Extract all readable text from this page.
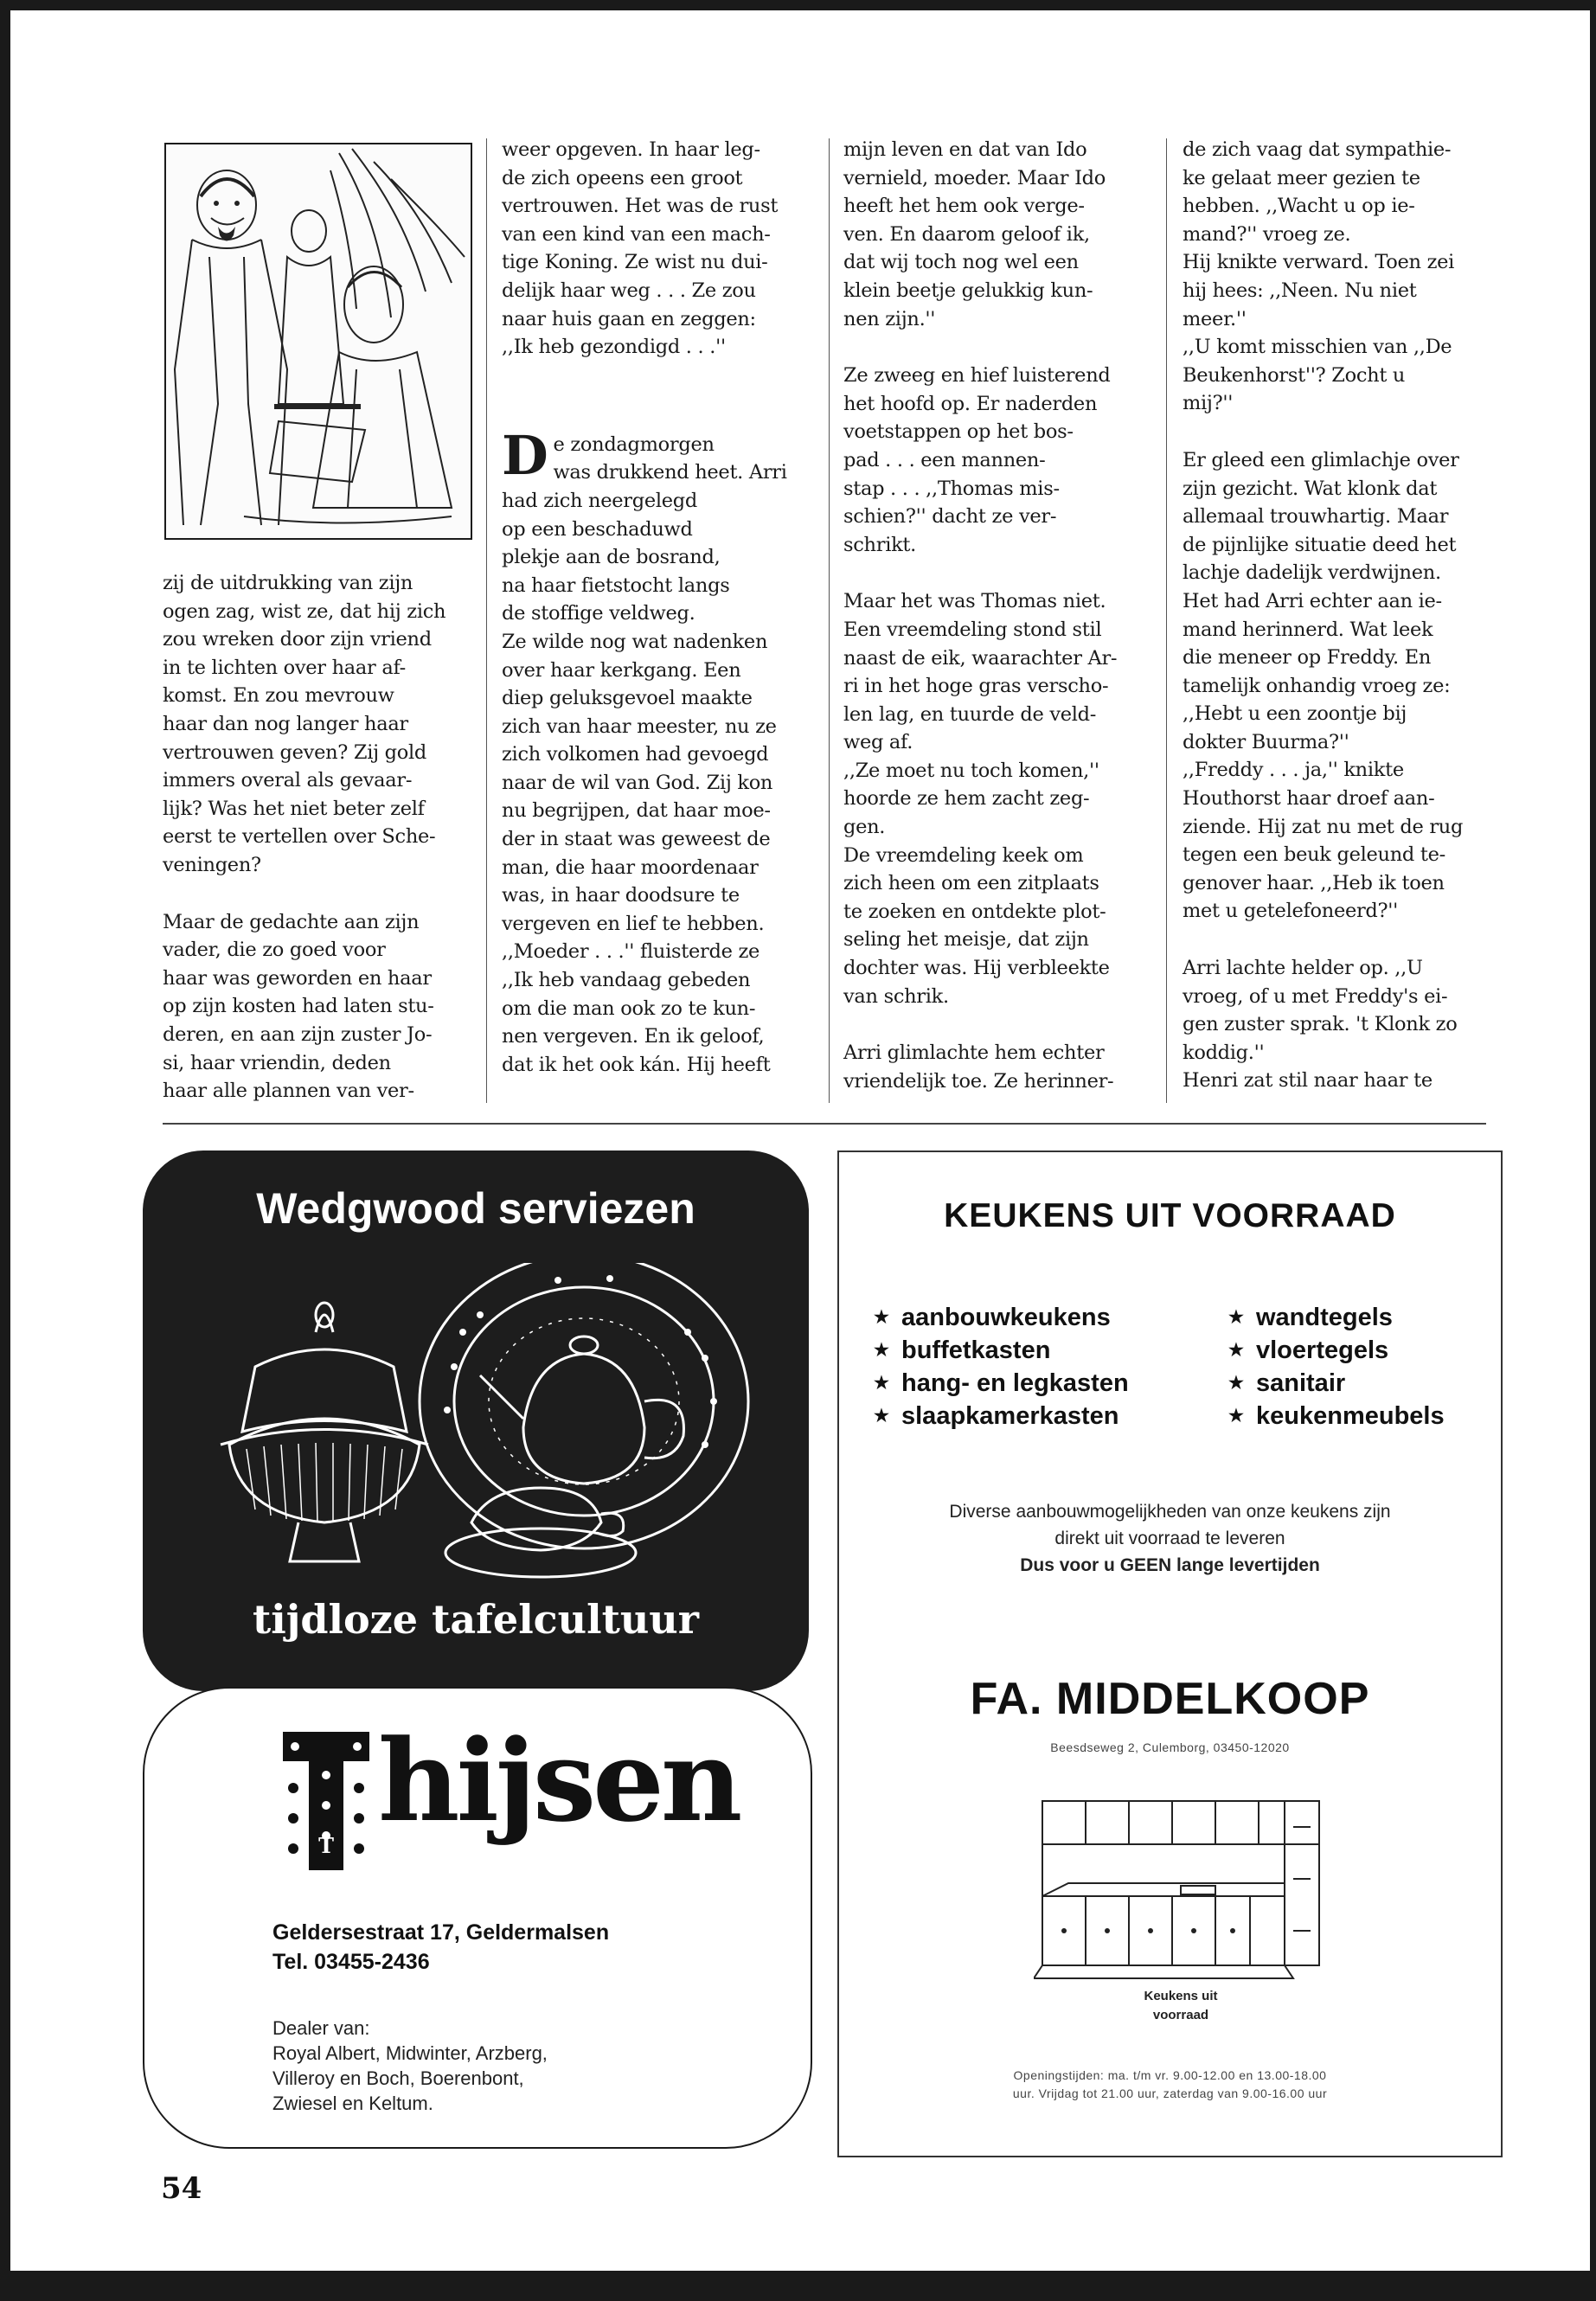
zij de uitdrukking van zijn

ogen zag, wist ze, dat hij zich

zou wreken door zijn vriend

in te lichten over haar af-

komst. En zou mevrouw

haar dan nog langer haar

vertrouwen geven? Zij gold

immers overal als gevaar-

lijk? Was het niet beter zelf

eerst te vertellen over Sche-

veningen?

Maar de gedachte aan zijn

vader, die zo goed voor

haar was geworden en haar

op zijn kosten had laten stu-

deren, en aan zijn zuster Jo-

si, haar vriendin, deden

haar alle plannen van ver-

weer opgeven. In haar leg-

de zich opeens een groot

vertrouwen. Het was de rust

van een kind van een mach-

tige Koning. Ze wist nu dui-

delijk haar weg . . . Ze zou

naar huis gaan en zeggen:

,,Ik heb gezondigd . . .''

D e zondagmorgen

was drukkend heet. Arri

had zich neergelegd

op een beschaduwd

plekje aan de bosrand,

na haar fietstocht langs

de stoffige veldweg.

Ze wilde nog wat nadenken

over haar kerkgang. Een

diep geluksgevoel maakte

zich van haar meester, nu ze

zich volkomen had gevoegd

naar de wil van God. Zij kon

nu begrijpen, dat haar moe-

der in staat was geweest de

man, die haar moordenaar

was, in haar doodsure te

vergeven en lief te hebben.

,,Moeder . . .'' fluisterde ze

,,Ik heb vandaag gebeden

om die man ook zo te kun-

nen vergeven. En ik geloof,

dat ik het ook kán. Hij heeft

mijn leven en dat van Ido

vernield, moeder. Maar Ido

heeft het hem ook verge-

ven. En daarom geloof ik,

dat wij toch nog wel een

klein beetje gelukkig kun-

nen zijn.''

Ze zweeg en hief luisterend

het hoofd op. Er naderden

voetstappen op het bos-

pad . . . een mannen-

stap . . . ,,Thomas mis-

schien?'' dacht ze ver-

schrikt.

Maar het was Thomas niet.

Een vreemdeling stond stil

naast de eik, waarachter Ar-

ri in het hoge gras verscho-

len lag, en tuurde de veld-

weg af.

,,Ze moet nu toch komen,''

hoorde ze hem zacht zeg-

gen.

De vreemdeling keek om

zich heen om een zitplaats

te zoeken en ontdekte plot-

seling het meisje, dat zijn

dochter was. Hij verbleekte

van schrik.

Arri glimlachte hem echter

vriendelijk toe. Ze herinner-

de zich vaag dat sympathie-

ke gelaat meer gezien te

hebben. ,,Wacht u op ie-

mand?'' vroeg ze.

Hij knikte verward. Toen zei

hij hees: ,,Neen. Nu niet

meer.''

,,U komt misschien van ,,De

Beukenhorst''? Zocht u

mij?''

Er gleed een glimlachje over

zijn gezicht. Wat klonk dat

allemaal trouwhartig. Maar

de pijnlijke situatie deed het

lachje dadelijk verdwijnen.

Het had Arri echter aan ie-

mand herinnerd. Wat leek

die meneer op Freddy. En

tamelijk onhandig vroeg ze:

,,Hebt u een zoontje bij

dokter Buurma?''

,,Freddy . . . ja,'' knikte

Houthorst haar droef aan-

ziende. Hij zat nu met de rug

tegen een beuk geleund te-

genover haar. ,,Heb ik toen

met u getelefoneerd?''

Arri lachte helder op. ,,U

vroeg, of u met Freddy's ei-

gen zuster sprak. 't Klonk zo

koddig.''

Henri zat stil naar haar te

Wedgwood serviezen
tijdloze tafelcultuur
T hijsen
Geldersestraat 17, Geldermalsen
Tel. 03455-2436
Dealer van:
Royal Albert, Midwinter, Arzberg,
Villeroy en Boch, Boerenbont,
Zwiesel en Keltum.
KEUKENS UIT VOORRAAD
★ aanbouwkeukens
★ buffetkasten
★ hang- en legkasten
★ slaapkamerkasten
★ wandtegels
★ vloertegels
★ sanitair
★ keukenmeubels
Diverse aanbouwmogelijkheden van onze keukens zijn
direkt uit voorraad te leveren
Dus voor u GEEN lange levertijden
FA. MIDDELKOOP
Beesdseweg 2, Culemborg, 03450-12020
Keukens uit
voorraad
Openingstijden: ma. t/m vr. 9.00-12.00 en 13.00-18.00
uur. Vrijdag tot 21.00 uur, zaterdag van 9.00-16.00 uur
54
